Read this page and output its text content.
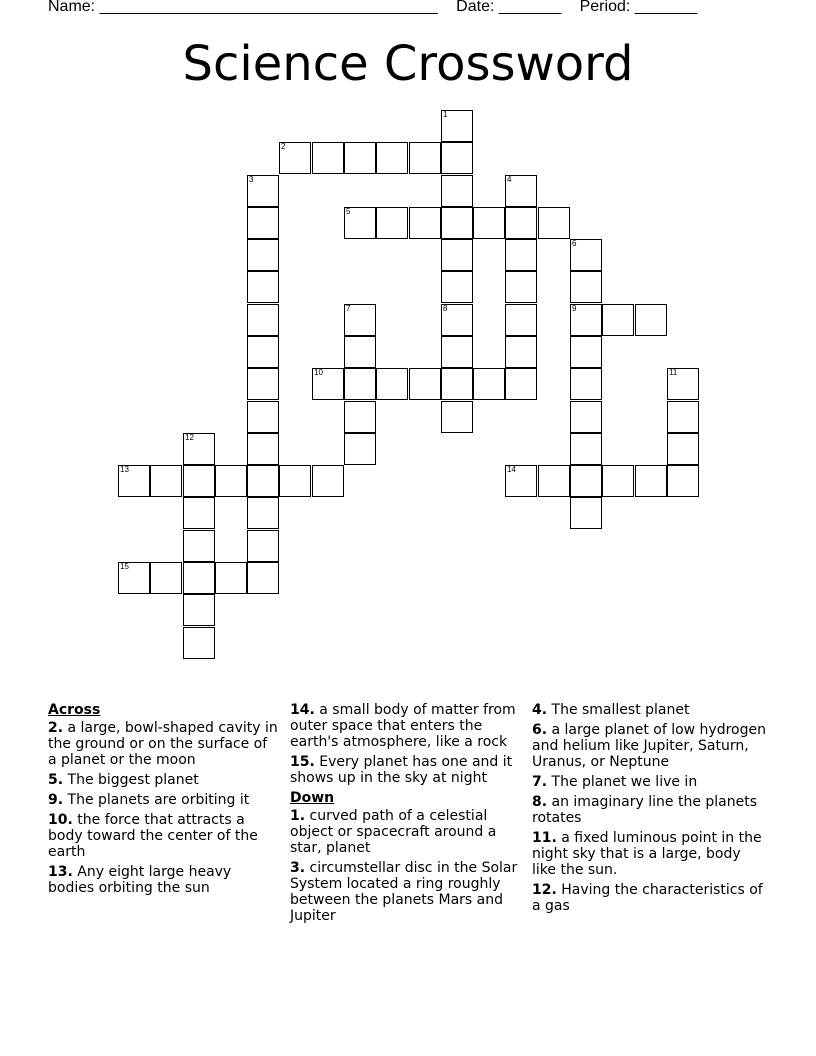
Name: ______________________________________ Date: _______ Period: _______
Science Crossword
1
8
2
3	4
5
6
9
7
10	11
12
13	14
15
Across
2. a large, bowl-shaped cavity in the ground or on the surface of a planet or the moon
5. The biggest planet
9. The planets are orbiting it
10. the force that attracts a body toward the center of the earth
13. Any eight large heavy bodies orbiting the sun
14. a small body of matter from outer space that enters the earth's atmosphere, like a rock
15. Every planet has one and it shows up in the sky at night
Down
1. curved path of a celestial object or spacecraft around a star, planet
3. circumstellar disc in the Solar System located a ring roughly between the planets Mars and Jupiter
4. The smallest planet
6. a large planet of low hydrogen and helium like Jupiter, Saturn, Uranus, or Neptune
7. The planet we live in
8. an imaginary line the planets rotates
11. a fixed luminous point in the night sky that is a large, body like the sun.
12. Having the characteristics of a gas
